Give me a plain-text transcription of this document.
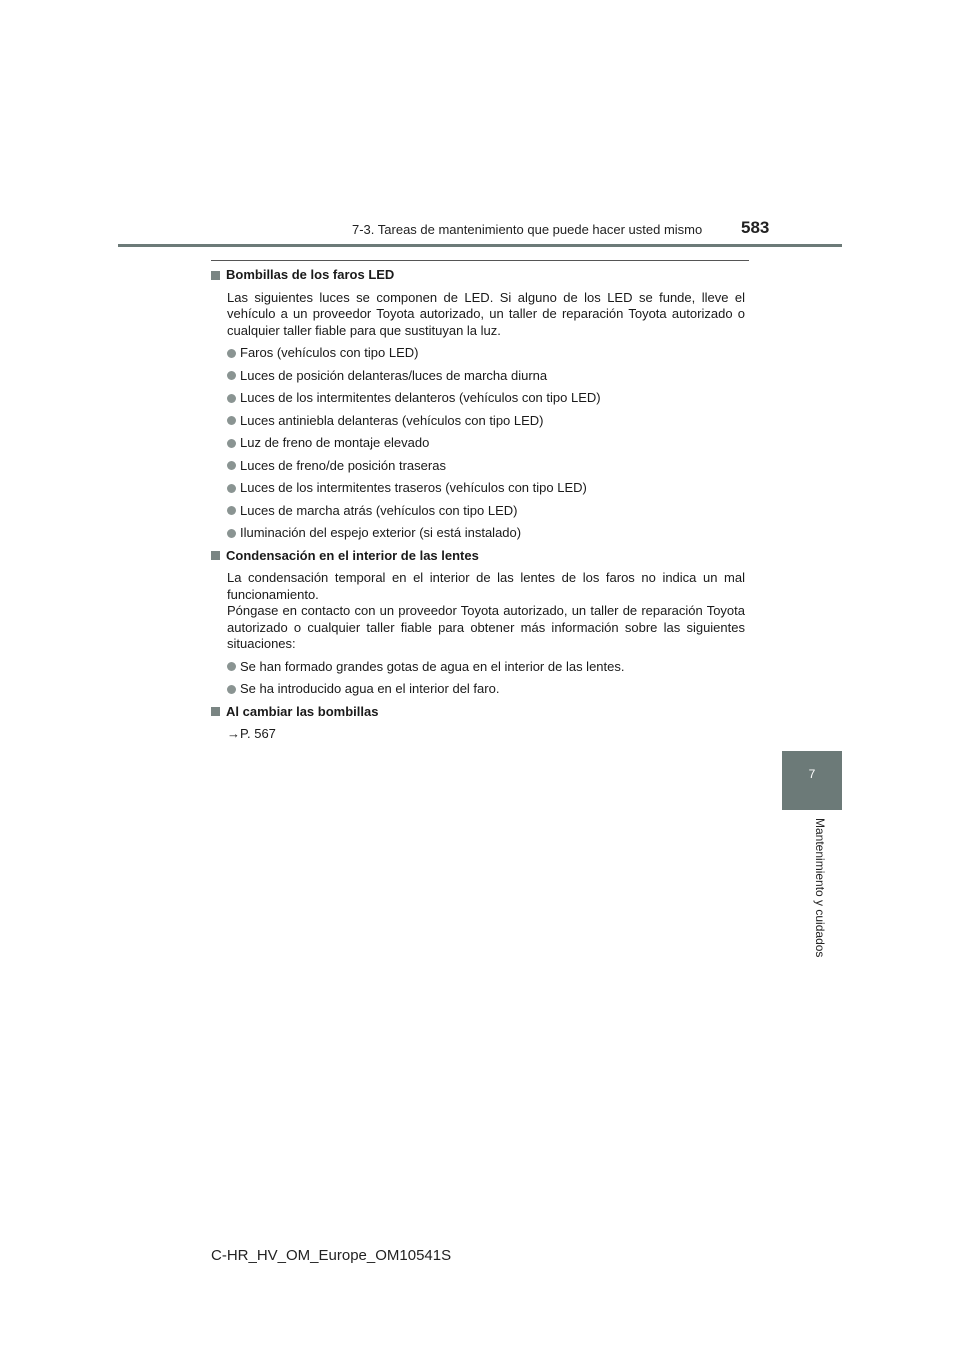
7-3. Tareas de mantenimiento que puede hacer usted mismo 583
7
Mantenimiento y cuidados
Bombillas de los faros LED

Las siguientes luces se componen de LED. Si alguno de los LED se funde, lleve el vehículo a un proveedor Toyota autorizado, un taller de reparación Toyota autorizado o cualquier taller fiable para que sustituyan la luz.

Faros (vehículos con tipo LED)
Luces de posición delanteras/luces de marcha diurna
Luces de los intermitentes delanteros (vehículos con tipo LED)
Luces antiniebla delanteras (vehículos con tipo LED)
Luz de freno de montaje elevado
Luces de freno/de posición traseras
Luces de los intermitentes traseros (vehículos con tipo LED)
Luces de marcha atrás (vehículos con tipo LED)
Iluminación del espejo exterior (si está instalado)
Condensación en el interior de las lentes

La condensación temporal en el interior de las lentes de los faros no indica un mal funcionamiento.

Póngase en contacto con un proveedor Toyota autorizado, un taller de reparación Toyota autorizado o cualquier taller fiable para obtener más información sobre las siguientes situaciones:

Se han formado grandes gotas de agua en el interior de las lentes.
Se ha introducido agua en el interior del faro.
Al cambiar las bombillas
→P. 567
C-HR_HV_OM_Europe_OM10541S
